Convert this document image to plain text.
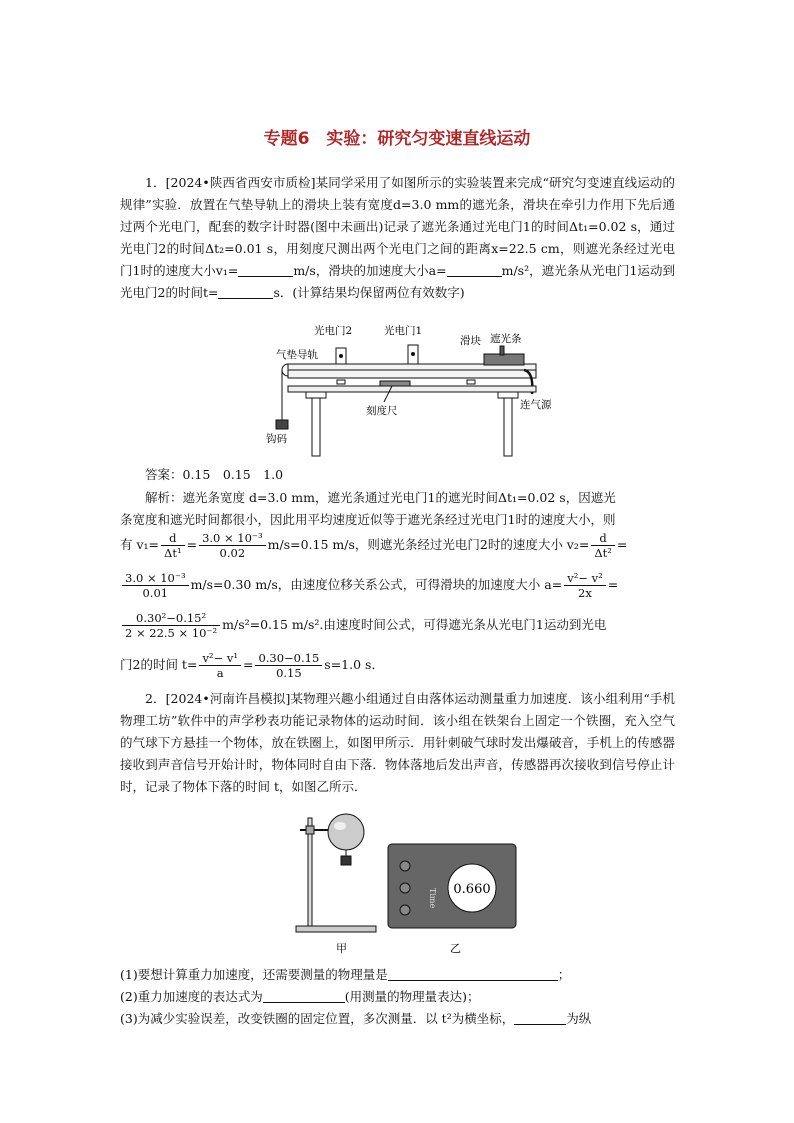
专题6　实验：研究匀变速直线运动
1．[2024•陕西省西安市质检]某同学采用了如图所示的实验装置来完成“研究匀变速直线运动的规律”实验．放置在气垫导轨上的滑块上装有宽度d=3.0 mm的遮光条，滑块在牵引力作用下先后通过两个光电门，配套的数字计时器(图中未画出)记录了遮光条通过光电门1的时间Δt₁=0.02 s，通过光电门2的时间Δt₂=0.01 s，用刻度尺测出两个光电门之间的距离x=22.5 cm，则遮光条经过光电门1时的速度大小v₁=	m/s，滑块的加速度大小a=	m/s²，遮光条从光电门1运动到光电门2的时间t=	s．(计算结果均保留两位有效数字)
光电门2	光电门1
滑块 遮光条
气垫导轨
连气源
刻度尺
钩码
答案：0.15　0.15　1.0
解析：遮光条宽度 d=3.0 mm，遮光条通过光电门1的遮光时间Δt₁=0.02 s，因遮光
条宽度和遮光时间都很小，因此用平均速度近似等于遮光条经过光电门1时的速度大小，则
有 $v_1= \frac{d}{\text{Δt¹}} = \frac{\text{3.0 × 10⁻³}}{0.02} m/s=0.15$ m/s，则遮光条经过光电门2时的速度大小 $v_2= \frac{d}{\text{Δt²}}$ =
$\frac{\text{3.0 × 10⁻³}}{0.01} m/s=0.30$ m/s，由速度位移关系公式，可得滑块的加速度大小 $a= \frac{\text{v²− v²}}{2x}$ =
$\frac{\text{0.30²−0.15²}}{\text{2 × 22.5 × 10⁻²}} m/s^2=0.15$ m/s².由速度时间公式，可得遮光条从光电门1运动到光电
门2的时间 $t= \frac{\text{v²− v¹}}{a} = \frac{0.30-0.15}{0.15} s=1.0$ s．
2．[2024•河南许昌模拟]某物理兴趣小组通过自由落体运动测量重力加速度．该小组利用“手机物理工坊”软件中的声学秒表功能记录物体的运动时间．该小组在铁架台上固定一个铁圈，充入空气的气球下方悬挂一个物体，放在铁圈上，如图甲所示．用针刺破气球时发出爆破音，手机上的传感器接收到声音信号开始计时，物体同时自由下落．物体落地后发出声音，传感器再次接收到信号停止计时，记录了物体下落的时间 t，如图乙所示．
0.660
Time
甲	乙
(1)要想计算重力加速度，还需要测量的物理量是	；
(2)重力加速度的表达式为	(用测量的物理量表达)；
(3)为减少实验误差，改变铁圈的固定位置，多次测量．以 t²为横坐标，	为纵
